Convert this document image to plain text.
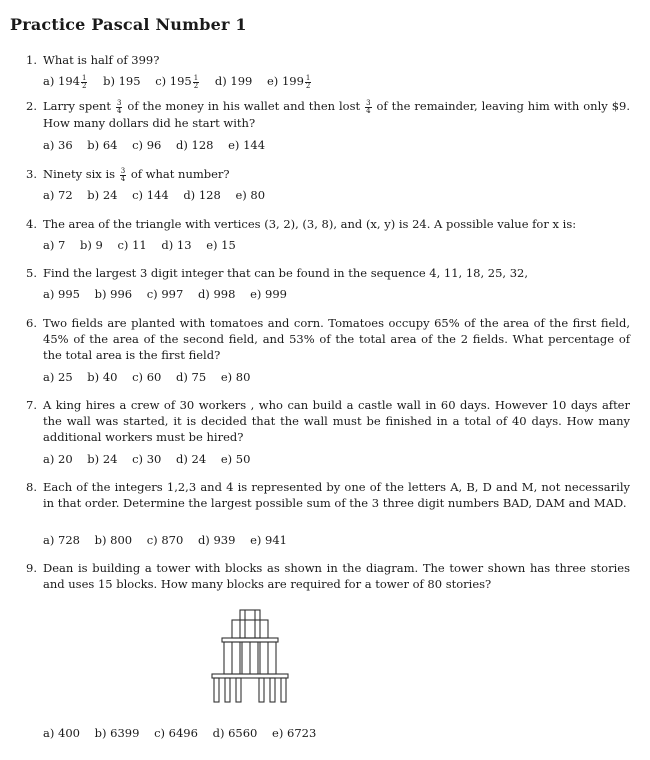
Practice Pascal Number 1
1. What is half of 399?
a) $194 \frac{1}{2} b$) 195 c) $195 \frac{1}{2} d$) 199 e) $199 \frac{1}{2}$
2. Larry spent $\frac{3}{4}$ of the money in his wallet and then lost $\frac{3}{4}$ of the remainder, leaving him with only $9. How many dollars did he start with?
a) 36 b) 64 c) 96 d) 128 e) 144
3. Ninety six is $\frac{3}{4}$ of what number?
a) 72 b) 24 c) 144 d) 128 e) 80
4. The area of the triangle with vertices (3, 2), (3, 8), and (x, y) is 24. A possible value for x is:
a) 7 b) 9 c) 11 d) 13 e) 15
5. Find the largest 3 digit integer that can be found in the sequence 4, 11, 18, 25, 32,
a) 995 b) 996 c) 997 d) 998 e) 999
6. Two fields are planted with tomatoes and corn. Tomatoes occupy 65% of the area of the first field, 45% of the area of the second field, and 53% of the total area of the 2 fields. What percentage of the total area is the first field?
a) 25 b) 40 c) 60 d) 75 e) 80
7. A king hires a crew of 30 workers , who can build a castle wall in 60 days. However 10 days after the wall was started, it is decided that the wall must be finished in a total of 40 days. How many additional workers must be hired?
a) 20 b) 24 c) 30 d) 24 e) 50
8. Each of the integers 1,2,3 and 4 is represented by one of the letters A, B, D and M, not necessarily in that order. Determine the largest possible sum of the 3 three digit numbers BAD, DAM and MAD.
a) 728 b) 800 c) 870 d) 939 e) 941
9. Dean is building a tower with blocks as shown in the diagram. The tower shown has three stories and uses 15 blocks. How many blocks are required for a tower of 80 stories?
a) 400 b) 6399 c) 6496 d) 6560 e) 6723
